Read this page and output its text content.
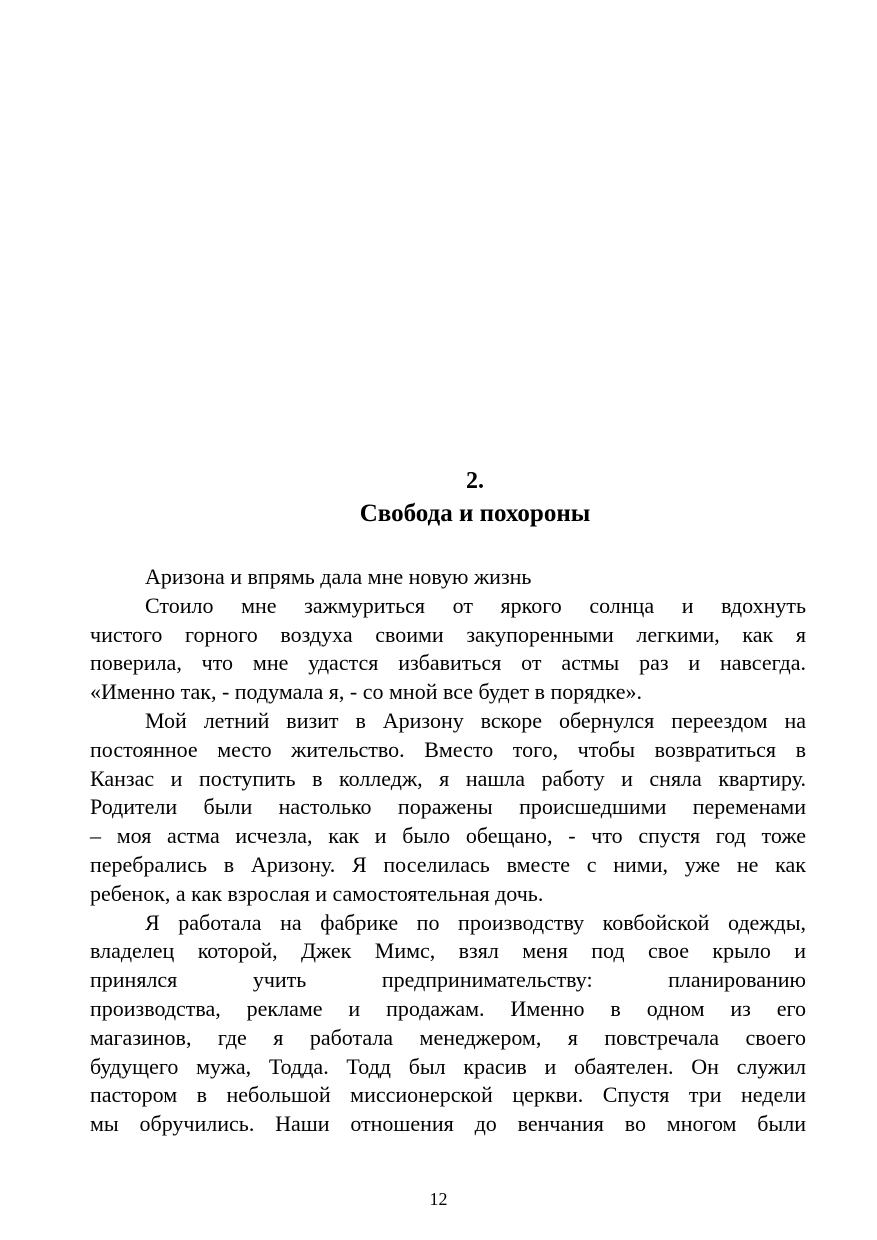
2.
Свобода и похороны
Аризона и впрямь дала мне новую жизнь
Стоило мне зажмуриться от яркого солнца и вдохнуть
чистого горного воздуха своими закупоренными легкими, как я
поверила, что мне удастся избавиться от астмы раз и навсегда.
«Именно так, - подумала я, - со мной все будет в порядке».
Мой летний визит в Аризону вскоре обернулся переездом на
постоянное место жительство. Вместо того, чтобы возвратиться в
Канзас и поступить в колледж, я нашла работу и сняла квартиру.
Родители были настолько поражены происшедшими переменами
– моя астма исчезла, как и было обещано, - что спустя год тоже
перебрались в Аризону. Я поселилась вместе с ними, уже не как
ребенок, а как взрослая и самостоятельная дочь.
Я работала на фабрике по производству ковбойской одежды,
владелец которой, Джек Мимс, взял меня под свое крыло и
принялся учить предпринимательству: планированию
производства, рекламе и продажам. Именно в одном из его
магазинов, где я работала менеджером, я повстречала своего
будущего мужа, Тодда. Тодд был красив и обаятелен. Он служил
пастором в небольшой миссионерской церкви. Спустя три недели
мы обручились. Наши отношения до венчания во многом были
12
